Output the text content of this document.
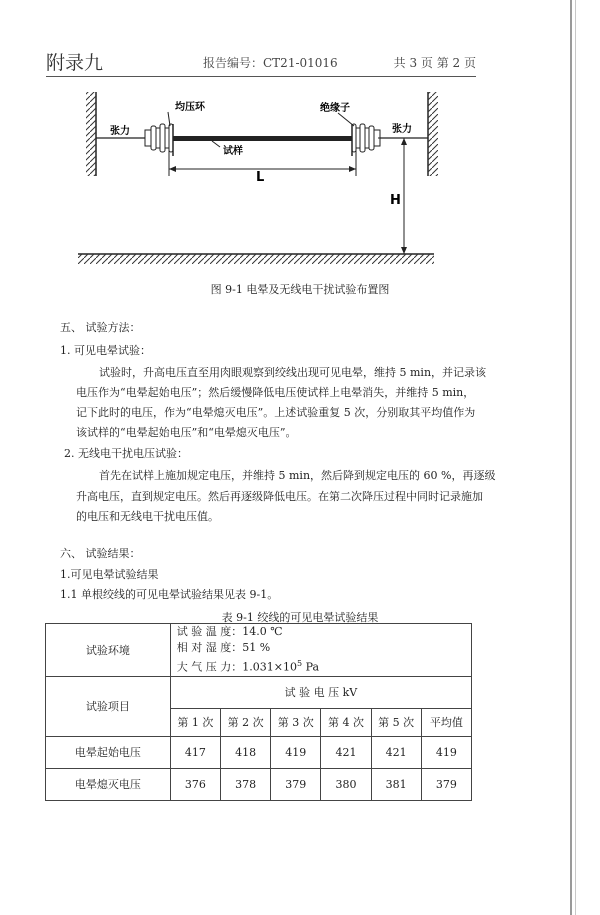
附录九	报告编号：CT21-01016	共 3 页 第 2 页
张力
均压环	绝缘子
张力
试样
L
H
图 9-1 电晕及无线电干扰试验布置图
五、 试验方法：
1. 可见电晕试验：
试验时，升高电压直至用肉眼观察到绞线出现可见电晕，维持 5 min，并记录该
电压作为“电晕起始电压”；然后缓慢降低电压使试样上电晕消失，并维持 5 min，
记下此时的电压，作为“电晕熄灭电压”。上述试验重复 5 次，分别取其平均值作为
该试样的“电晕起始电压”和“电晕熄灭电压”。
2. 无线电干扰电压试验：
首先在试样上施加规定电压，并维持 5 min，然后降到规定电压的 60 %，再逐级
升高电压，直到规定电压。然后再逐级降低电压。在第二次降压过程中同时记录施加
的电压和无线电干扰电压值。
六、 试验结果：
1.可见电晕试验结果
1.1 单根绞线的可见电晕试验结果见表 9-1。
表 9-1 绞线的可见电晕试验结果
试验环境	试 验 温 度：14.0 ℃
相 对 湿 度：51 %
大 气 压 力：$1.031\times 10^5$ Pa					

试验项目	试 验 电 压 kV					
	第 1 次	第 2 次	第 3 次	第 4 次	第 5 次	平均值
电晕起始电压	417	418	419	421	421	419
电晕熄灭电压	376	378	379	380	381	379
